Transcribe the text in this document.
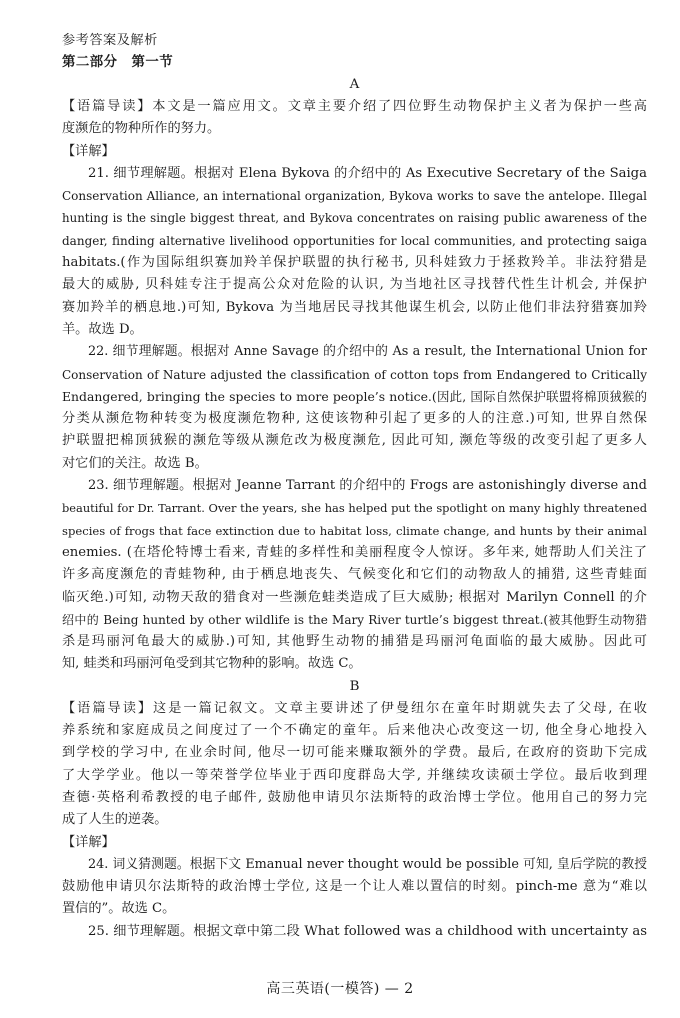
参考答案及解析
第二部分　第一节
A
【语篇导读】本文是一篇应用文。文章主要介绍了四位野生动物保护主义者为保护一些高
度濒危的物种所作的努力。
【详解】
21. 细节理解题。根据对 Elena Bykova 的介绍中的 As Executive Secretary of the Saiga
Conservation Alliance, an international organization, Bykova works to save the antelope. Illegal
hunting is the single biggest threat, and Bykova concentrates on raising public awareness of the
danger, finding alternative livelihood opportunities for local communities, and protecting saiga
habitats.(作为国际组织赛加羚羊保护联盟的执行秘书, 贝科娃致力于拯救羚羊。非法狩猎是
最大的威胁, 贝科娃专注于提高公众对危险的认识, 为当地社区寻找替代性生计机会, 并保护
赛加羚羊的栖息地.)可知, Bykova 为当地居民寻找其他谋生机会, 以防止他们非法狩猎赛加羚
羊。故选 D。
22. 细节理解题。根据对 Anne Savage 的介绍中的 As a result, the International Union for
Conservation of Nature adjusted the classification of cotton tops from Endangered to Critically
Endangered, bringing the species to more people’s notice.(因此, 国际自然保护联盟将棉顶狨猴的
分类从濒危物种转变为极度濒危物种, 这使该物种引起了更多的人的注意.)可知, 世界自然保
护联盟把棉顶狨猴的濒危等级从濒危改为极度濒危, 因此可知, 濒危等级的改变引起了更多人
对它们的关注。故选 B。
23. 细节理解题。根据对 Jeanne Tarrant 的介绍中的 Frogs are astonishingly diverse and
beautiful for Dr. Tarrant. Over the years, she has helped put the spotlight on many highly threatened
species of frogs that face extinction due to habitat loss, climate change, and hunts by their animal
enemies. (在塔伦特博士看来, 青蛙的多样性和美丽程度令人惊讶。多年来, 她帮助人们关注了
许多高度濒危的青蛙物种, 由于栖息地丧失、气候变化和它们的动物敌人的捕猎, 这些青蛙面
临灭绝.)可知, 动物天敌的猎食对一些濒危蛙类造成了巨大威胁; 根据对 Marilyn Connell 的介
绍中的 Being hunted by other wildlife is the Mary River turtle’s biggest threat.(被其他野生动物猎
杀是玛丽河龟最大的威胁.)可知, 其他野生动物的捕猎是玛丽河龟面临的最大威胁。因此可
知, 蛙类和玛丽河龟受到其它物种的影响。故选 C。
B
【语篇导读】这是一篇记叙文。文章主要讲述了伊曼纽尔在童年时期就失去了父母, 在收
养系统和家庭成员之间度过了一个不确定的童年。后来他决心改变这一切, 他全身心地投入
到学校的学习中, 在业余时间, 他尽一切可能来赚取额外的学费。最后, 在政府的资助下完成
了大学学业。他以一等荣誉学位毕业于西印度群岛大学, 并继续攻读硕士学位。最后收到理
查德·英格利希教授的电子邮件, 鼓励他申请贝尔法斯特的政治博士学位。他用自己的努力完
成了人生的逆袭。
【详解】
24. 词义猜测题。根据下文 Emanual never thought would be possible 可知, 皇后学院的教授
鼓励他申请贝尔法斯特的政治博士学位, 这是一个让人难以置信的时刻。pinch-me 意为“难以
置信的”。故选 C。
25. 细节理解题。根据文章中第二段 What followed was a childhood with uncertainty as
高三英语(一模答) — 2
